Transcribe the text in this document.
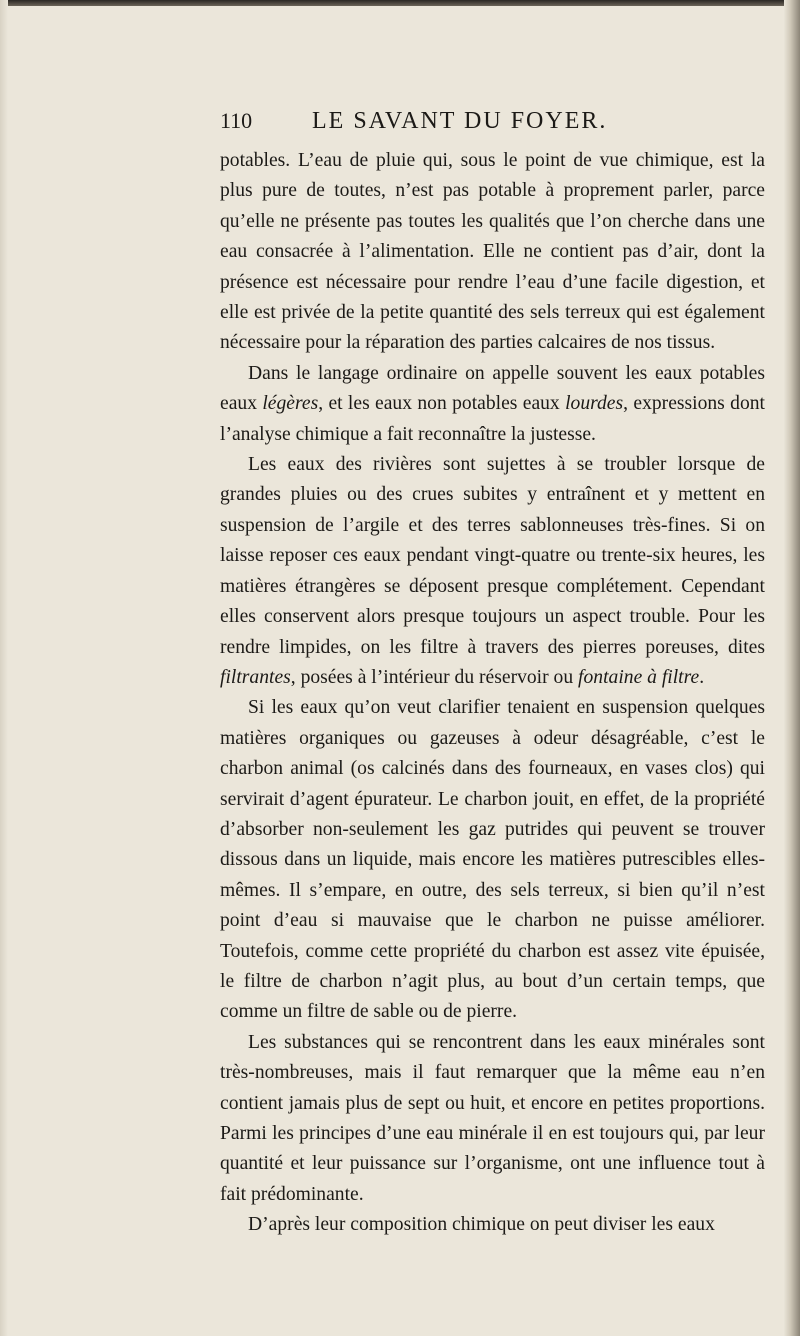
110 LE SAVANT DU FOYER.

potables. L’eau de pluie qui, sous le point de vue chimique, est la plus pure de toutes, n’est pas potable à proprement parler, parce qu’elle ne présente pas toutes les qualités que l’on cherche dans une eau consacrée à l’alimentation. Elle ne contient pas d’air, dont la présence est nécessaire pour rendre l’eau d’une facile digestion, et elle est privée de la petite quantité des sels terreux qui est également nécessaire pour la réparation des parties calcaires de nos tissus.

Dans le langage ordinaire on appelle souvent les eaux potables eaux légères, et les eaux non potables eaux lourdes, expressions dont l’analyse chimique a fait reconnaître la justesse.

Les eaux des rivières sont sujettes à se troubler lorsque de grandes pluies ou des crues subites y entraînent et y mettent en suspension de l’argile et des terres sablonneuses très-fines. Si on laisse reposer ces eaux pendant vingt-quatre ou trente-six heures, les matières étrangères se déposent presque complétement. Cependant elles conservent alors presque toujours un aspect trouble. Pour les rendre limpides, on les filtre à travers des pierres poreuses, dites filtrantes, posées à l’intérieur du réservoir ou fontaine à filtre.

Si les eaux qu’on veut clarifier tenaient en suspension quelques matières organiques ou gazeuses à odeur désagréable, c’est le charbon animal (os calcinés dans des fourneaux, en vases clos) qui servirait d’agent épurateur. Le charbon jouit, en effet, de la propriété d’absorber non-seulement les gaz putrides qui peuvent se trouver dissous dans un liquide, mais encore les matières putrescibles elles-mêmes. Il s’empare, en outre, des sels terreux, si bien qu’il n’est point d’eau si mauvaise que le charbon ne puisse améliorer. Toutefois, comme cette propriété du charbon est assez vite épuisée, le filtre de charbon n’agit plus, au bout d’un certain temps, que comme un filtre de sable ou de pierre.

Les substances qui se rencontrent dans les eaux minérales sont très-nombreuses, mais il faut remarquer que la même eau n’en contient jamais plus de sept ou huit, et encore en petites proportions. Parmi les principes d’une eau minérale il en est toujours qui, par leur quantité et leur puissance sur l’organisme, ont une influence tout à fait prédominante.

D’après leur composition chimique on peut diviser les eaux
